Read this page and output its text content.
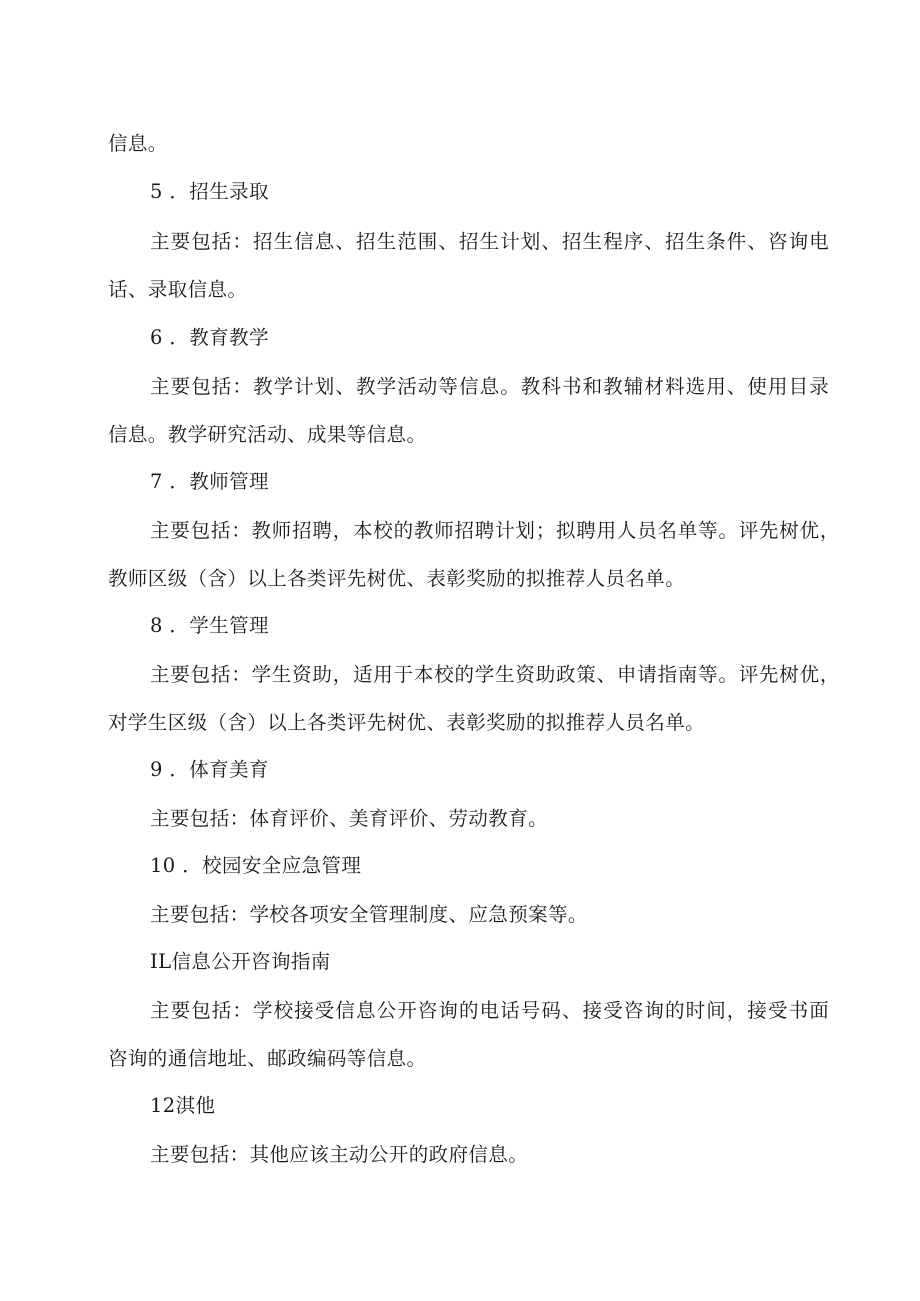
信息。
5 ．招生录取
主要包括：招生信息、招生范围、招生计划、招生程序、招生条件、咨询电
话、录取信息。
6 ．教育教学
主要包括：教学计划、教学活动等信息。教科书和教辅材料选用、使用目录
信息。教学研究活动、成果等信息。
7 ．教师管理
主要包括：教师招聘，本校的教师招聘计划；拟聘用人员名单等。评先树优，
教师区级（含）以上各类评先树优、表彰奖励的拟推荐人员名单。
8 ．学生管理
主要包括：学生资助，适用于本校的学生资助政策、申请指南等。评先树优，
对学生区级（含）以上各类评先树优、表彰奖励的拟推荐人员名单。
9 ．体育美育
主要包括：体育评价、美育评价、劳动教育。
10 ．校园安全应急管理
主要包括：学校各项安全管理制度、应急预案等。
IL信息公开咨询指南
主要包括：学校接受信息公开咨询的电话号码、接受咨询的时间，接受书面
咨询的通信地址、邮政编码等信息。
12淇他
主要包括：其他应该主动公开的政府信息。
